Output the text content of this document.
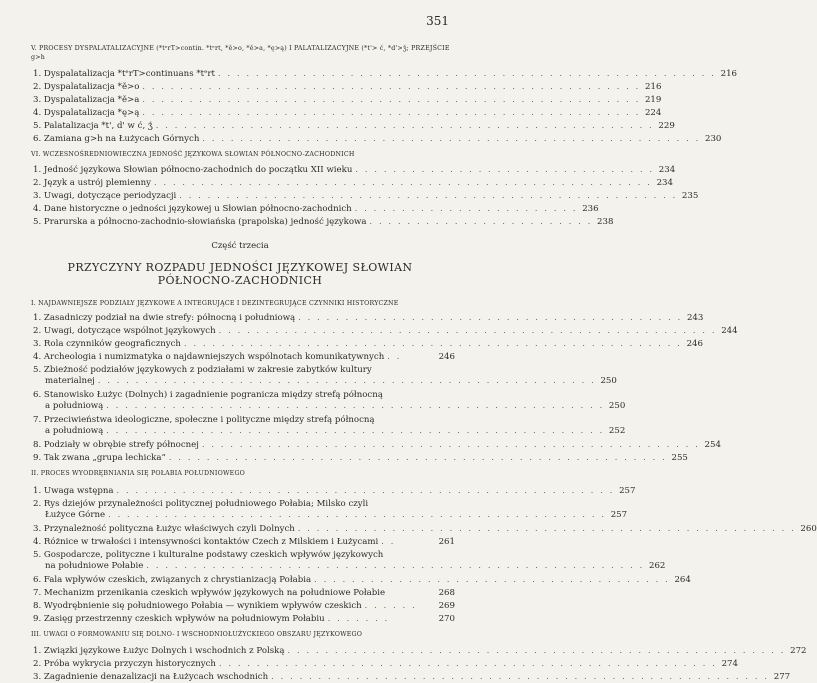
351
V. PROCESY DYSPALATALIZACYJNE (*tᵉrT>contin. *tᵉrt, *ě>o, *ě>a, *ę>ą) I PALATALIZACYJNE (*t'> ć, *d'>ʒ́; PRZEJŚCIE g>h
1. Dyspalatalizacja *tᵉrT>continuans *tᵉrt . . . . . . . . . . . . . . . . . . . . . . . . . . . . . . . . . . . . . . . . . . . . . . . . . . . . . 216
2. Dyspalatalizacja *ě>o . . . . . . . . . . . . . . . . . . . . . . . . . . . . . . . . . . . . . . . . . . . . . . . . . . . . . 216
3. Dyspalatalizacja *ě>a . . . . . . . . . . . . . . . . . . . . . . . . . . . . . . . . . . . . . . . . . . . . . . . . . . . . . 219
4. Dyspalatalizacja *ę>ą . . . . . . . . . . . . . . . . . . . . . . . . . . . . . . . . . . . . . . . . . . . . . . . . . . . . . 224
5. Palatalizacja *t', d' w ć, ʒ́ . . . . . . . . . . . . . . . . . . . . . . . . . . . . . . . . . . . . . . . . . . . . . . . . . . . . . 229
6. Zamiana g>h na Łużycach Górnych . . . . . . . . . . . . . . . . . . . . . . . . . . . . . . . . . . . . . . . . . . . . . . . . . . . . . 230
VI. WCZESNOŚREDNIOWIECZNA JEDNOŚĆ JĘZYKOWA SŁOWIAN PÓŁNOCNO-ZACHODNICH
1. Jedność językowa Słowian północno-zachodnich do początku XII wieku . . . . . . . . . . . . . . . . . . . . . . . . . . . . . . . . 234
2. Język a ustrój plemienny . . . . . . . . . . . . . . . . . . . . . . . . . . . . . . . . . . . . . . . . . . . . . . . . . . . . . 234
3. Uwagi, dotyczące periodyzacji . . . . . . . . . . . . . . . . . . . . . . . . . . . . . . . . . . . . . . . . . . . . . . . . . . . . . 235
4. Dane historyczne o jedności językowej u Słowian północno-zachodnich . . . . . . . . . . . . . . . . . . . . . . . . 236
5. Prarurska a północno-zachodnio-słowiańska (prapolska) jedność językowa . . . . . . . . . . . . . . . . . . . . . . . . 238
Część trzecia
PRZYCZYNY ROZPADU JEDNOŚCI JĘZYKOWEJ SŁOWIAN
PÓŁNOCNO-ZACHODNICH
I. NAJDAWNIEJSZE PODZIAŁY JĘZYKOWE A INTEGRUJĄCE I DEZINTEGRUJĄCE CZYNNIKI HISTORYCZNE
1. Zasadniczy podział na dwie strefy: północną i południową . . . . . . . . . . . . . . . . . . . . . . . . . . . . . . . . . . . . . . . . . 243
2. Uwagi, dotyczące wspólnot językowych . . . . . . . . . . . . . . . . . . . . . . . . . . . . . . . . . . . . . . . . . . . . . . . . . . . . . 244
3. Rola czynników geograficznych . . . . . . . . . . . . . . . . . . . . . . . . . . . . . . . . . . . . . . . . . . . . . . . . . . . . . 246
4. Archeologia i numizmatyka o najdawniejszych wspólnotach komunikatywnych . .	246
5. Zbieżność podziałów językowych z podziałami w zakresie zabytków kultury
materialnej . . . . . . . . . . . . . . . . . . . . . . . . . . . . . . . . . . . . . . . . . . . . . . . . . . . . . 250
6. Stanowisko Łużyc (Dolnych) i zagadnienie pogranicza między strefą północną
a południową . . . . . . . . . . . . . . . . . . . . . . . . . . . . . . . . . . . . . . . . . . . . . . . . . . . . . 250
7. Przeciwieństwa ideologiczne, społeczne i polityczne między strefą północną
a południową . . . . . . . . . . . . . . . . . . . . . . . . . . . . . . . . . . . . . . . . . . . . . . . . . . . . . 252
8. Podziały w obrębie strefy północnej . . . . . . . . . . . . . . . . . . . . . . . . . . . . . . . . . . . . . . . . . . . . . . . . . . . . . 254
9. Tak zwana „grupa lechicka” . . . . . . . . . . . . . . . . . . . . . . . . . . . . . . . . . . . . . . . . . . . . . . . . . . . . . 255
II. PROCES WYODRĘBNIANIA SIĘ POŁABIA POŁUDNIOWEGO
1. Uwaga wstępna . . . . . . . . . . . . . . . . . . . . . . . . . . . . . . . . . . . . . . . . . . . . . . . . . . . . . 257
2. Rys dziejów przynależności politycznej południowego Połabia; Milsko czyli
Łużyce Górne . . . . . . . . . . . . . . . . . . . . . . . . . . . . . . . . . . . . . . . . . . . . . . . . . . . . . 257
3. Przynależność polityczna Łużyc właściwych czyli Dolnych . . . . . . . . . . . . . . . . . . . . . . . . . . . . . . . . . . . . . . . . . . . . . . . . . . . . . 260
4. Różnice w trwałości i intensywności kontaktów Czech z Milskiem i Łużycami . .	261
5. Gospodarcze, polityczne i kulturalne podstawy czeskich wpływów językowych
na południowe Połabie . . . . . . . . . . . . . . . . . . . . . . . . . . . . . . . . . . . . . . . . . . . . . . . . . . . . . 262
6. Fala wpływów czeskich, związanych z chrystianizacją Połabia . . . . . . . . . . . . . . . . . . . . . . . . . . . . . . . . . . . . . . 264
7. Mechanizm przenikania czeskich wpływów językowych na południowe Połabie	268
8. Wyodrębnienie się południowego Połabia — wynikiem wpływów czeskich . . . . . .	269
9. Zasięg przestrzenny czeskich wpływów na południowym Połabiu . . . . . . .	270
III. UWAGI O FORMOWANIU SIĘ DOLNO- I WSCHODNIOŁUŻYCKIEGO OBSZARU JĘZYKOWEGO
1. Związki językowe Łużyc Dolnych i wschodnich z Polską . . . . . . . . . . . . . . . . . . . . . . . . . . . . . . . . . . . . . . . . . . . . . . . . . . . . . 272
2. Próba wykrycia przyczyn historycznych . . . . . . . . . . . . . . . . . . . . . . . . . . . . . . . . . . . . . . . . . . . . . . . . . . . . . 274
3. Zagadnienie denazalizacji na Łużycach wschodnich . . . . . . . . . . . . . . . . . . . . . . . . . . . . . . . . . . . . . . . . . . . . . . . . . . . . . 277
